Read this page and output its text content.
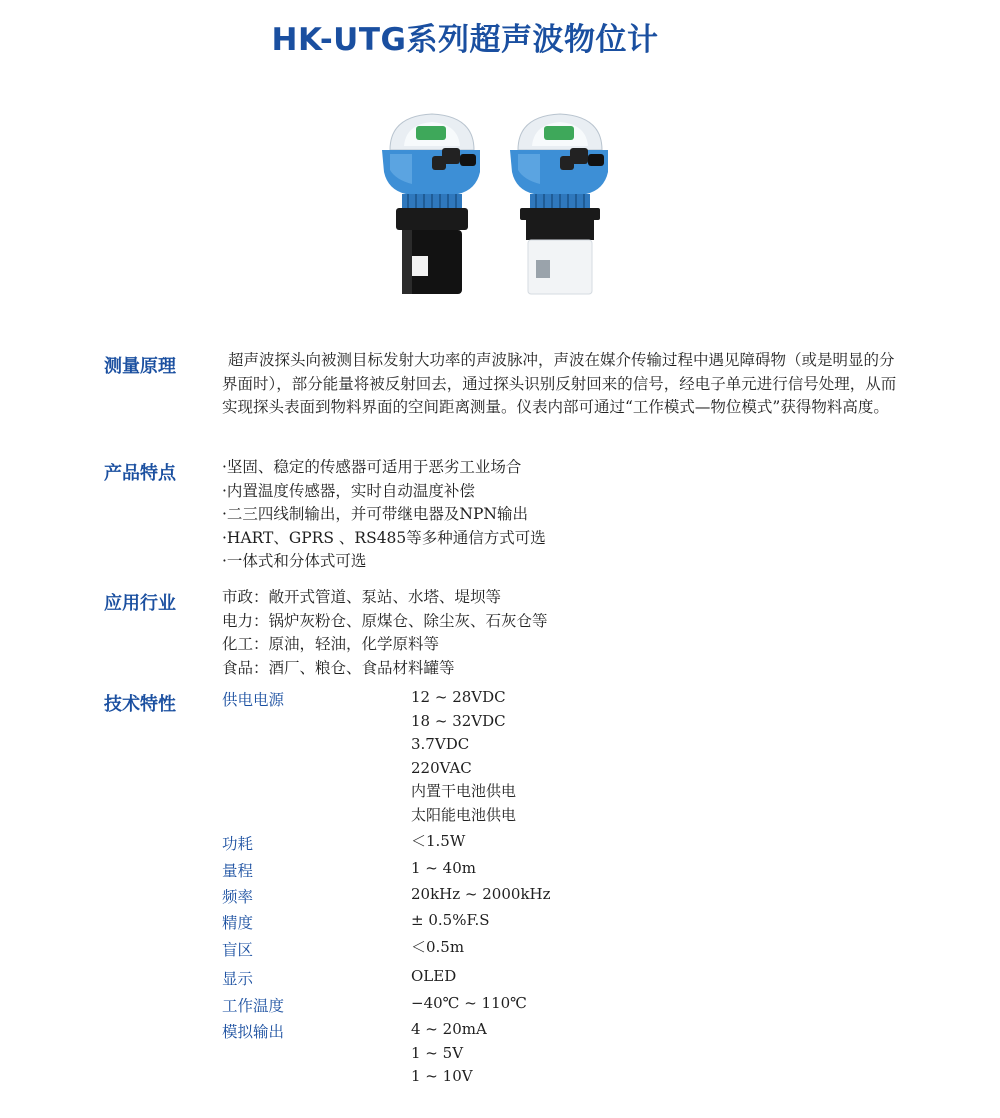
HK-UTG系列超声波物位计
测量原理	超声波探头向被测目标发射大功率的声波脉冲，声波在媒介传输过程中遇见障碍物（或是明显的分界面时），部分能量将被反射回去，通过探头识别反射回来的信号，经电子单元进行信号处理，从而实现探头表面到物料界面的空间距离测量。仪表内部可通过“工作模式—物位模式”获得物料高度。
产品特点	·坚固、稳定的传感器可适用于恶劣工业场合
·内置温度传感器，实时自动温度补偿
·二三四线制输出，并可带继电器及NPN输出
·HART、GPRS 、RS485等多种通信方式可选
·一体式和分体式可选
应用行业	市政：敞开式管道、泵站、水塔、堤坝等
电力：锅炉灰粉仓、原煤仓、除尘灰、石灰仓等
化工：原油，轻油，化学原料等
食品：酒厂、粮仓、食品材料罐等
技术特性	供电电源	12 ~ 28VDC
18 ~ 32VDC
3.7VDC
220VAC
内置干电池供电
太阳能电池供电
功耗	＜1.5W
量程	1 ~ 40m
频率	20kHz ~ 2000kHz
精度	± 0.5%F.S
盲区	＜0.5m
显示	OLED
工作温度	−40℃ ~ 110℃
模拟输出	4 ~ 20mA
1 ~ 5V
1 ~ 10V
